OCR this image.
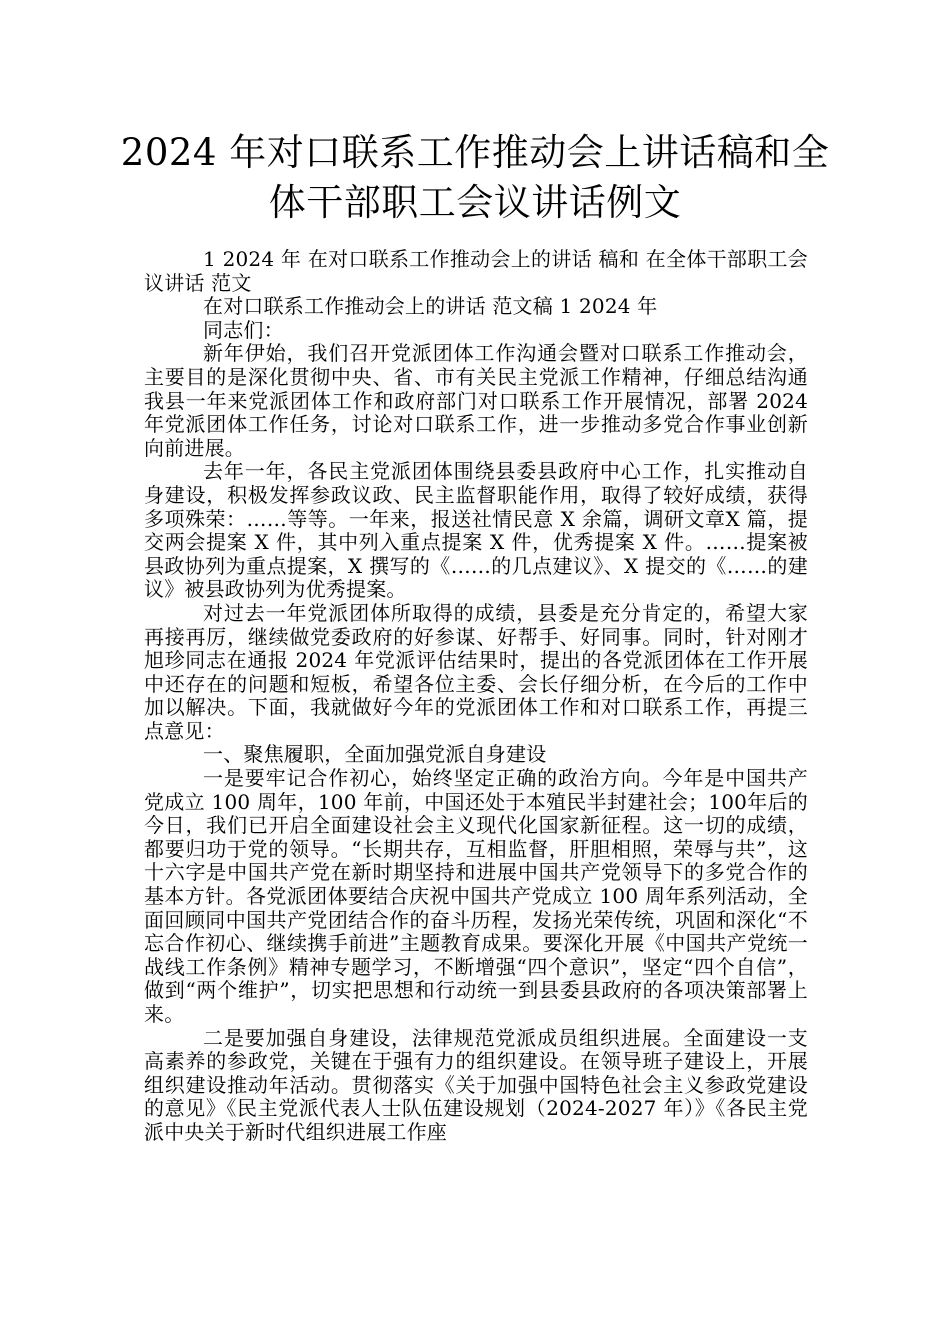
2024 年对口联系工作推动会上讲话稿和全
体干部职工会议讲话例文

1 2024 年 在对口联系工作推动会上的讲话 稿和 在全体干部职工会议讲话 范文

在对口联系工作推动会上的讲话 范文稿 1 2024 年

同志们：

新年伊始，我们召开党派团体工作沟通会暨对口联系工作推动会，主要目的是深化贯彻中央、省、市有关民主党派工作精神，仔细总结沟通我县一年来党派团体工作和政府部门对口联系工作开展情况，部署 2024 年党派团体工作任务，讨论对口联系工作，进一步推动多党合作事业创新向前进展。

去年一年，各民主党派团体围绕县委县政府中心工作，扎实推动自身建设，积极发挥参政议政、民主监督职能作用，取得了较好成绩，获得多项殊荣：……等等。一年来，报送社情民意 X 余篇，调研文章X 篇，提交两会提案 X 件，其中列入重点提案 X 件，优秀提案 X 件。……提案被县政协列为重点提案，X 撰写的《……的几点建议》、X 提交的《……的建议》被县政协列为优秀提案。

对过去一年党派团体所取得的成绩，县委是充分肯定的，希望大家再接再厉，继续做党委政府的好参谋、好帮手、好同事。同时，针对刚才旭珍同志在通报 2024 年党派评估结果时，提出的各党派团体在工作开展中还存在的问题和短板，希望各位主委、会长仔细分析，在今后的工作中加以解决。下面，我就做好今年的党派团体工作和对口联系工作，再提三点意见：

一、聚焦履职，全面加强党派自身建设

一是要牢记合作初心，始终坚定正确的政治方向。今年是中国共产党成立 100 周年，100 年前，中国还处于本殖民半封建社会；100年后的今日，我们已开启全面建设社会主义现代化国家新征程。这一切的成绩，都要归功于党的领导。“长期共存，互相监督，肝胆相照，荣辱与共”，这十六字是中国共产党在新时期坚持和进展中国共产党领导下的多党合作的基本方针。各党派团体要结合庆祝中国共产党成立 100 周年系列活动，全面回顾同中国共产党团结合作的奋斗历程，发扬光荣传统，巩固和深化“不忘合作初心、继续携手前进”主题教育成果。要深化开展《中国共产党统一战线工作条例》精神专题学习，不断增强“四个意识”，坚定“四个自信”，做到“两个维护”，切实把思想和行动统一到县委县政府的各项决策部署上来。

二是要加强自身建设，法律规范党派成员组织进展。全面建设一支高素养的参政党，关键在于强有力的组织建设。在领导班子建设上，开展组织建设推动年活动。贯彻落实《关于加强中国特色社会主义参政党建设的意见》《民主党派代表人士队伍建设规划（2024-2027 年）》《各民主党派中央关于新时代组织进展工作座
